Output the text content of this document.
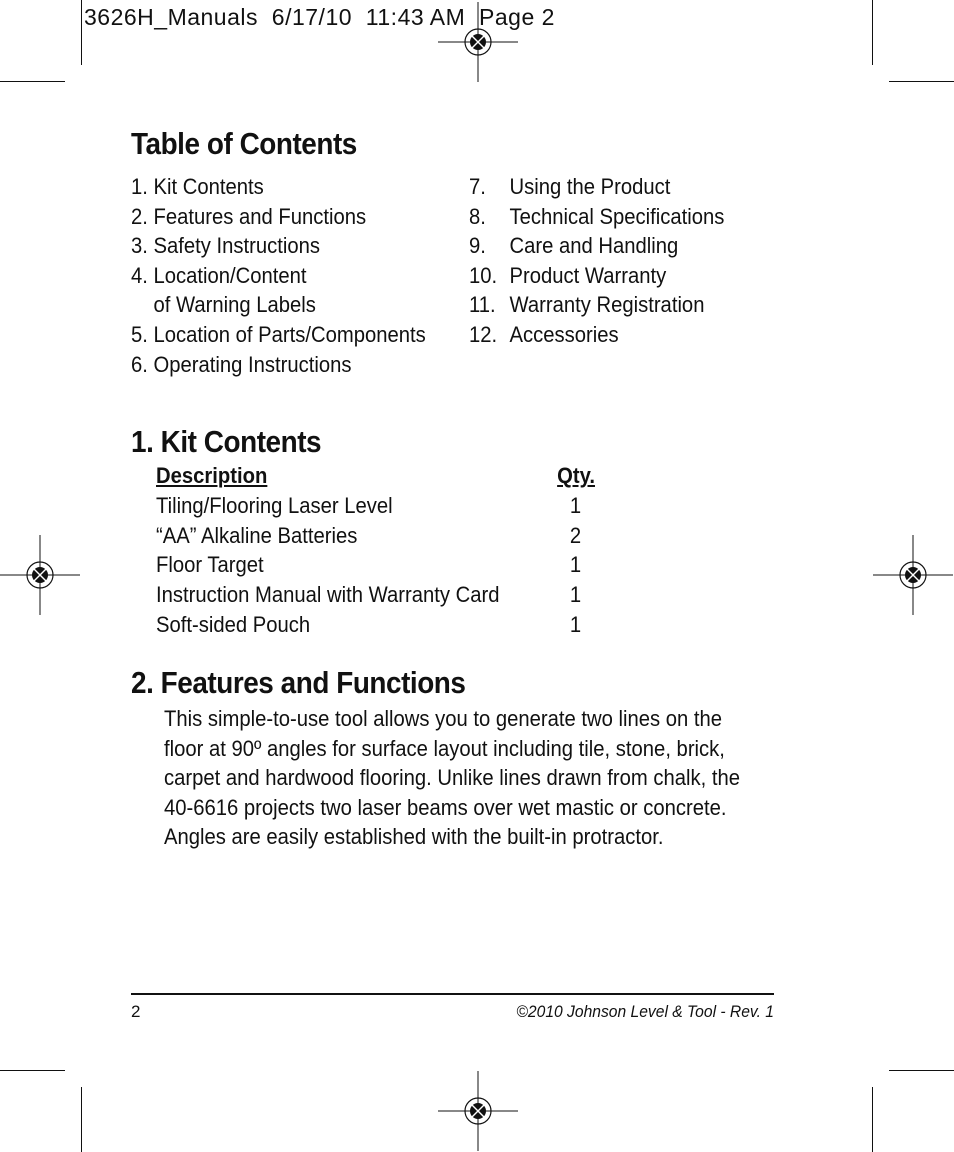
3626H_Manuals  6/17/10  11:43 AM  Page 2
Table of Contents
1. Kit Contents
2. Features and Functions
3. Safety Instructions
4. Location/Content
of Warning Labels
5. Location of Parts/Components
6. Operating Instructions
7. Using the Product
8. Technical Specifications
9. Care and Handling
10. Product Warranty
11. Warranty Registration
12. Accessories
1. Kit Contents
Description	Qty.
Tiling/Flooring Laser Level	1
“AA” Alkaline Batteries	2
Floor Target	1
Instruction Manual with Warranty Card	1
Soft-sided Pouch	1
2. Features and Functions

This simple-to-use tool allows you to generate two lines on the

floor at 90º angles for surface layout including tile, stone, brick,

carpet and hardwood flooring. Unlike lines drawn from chalk, the

40-6616 projects two laser beams over wet mastic or concrete.

Angles are easily established with the built-in protractor.

2	©2010 Johnson Level & Tool - Rev. 1
